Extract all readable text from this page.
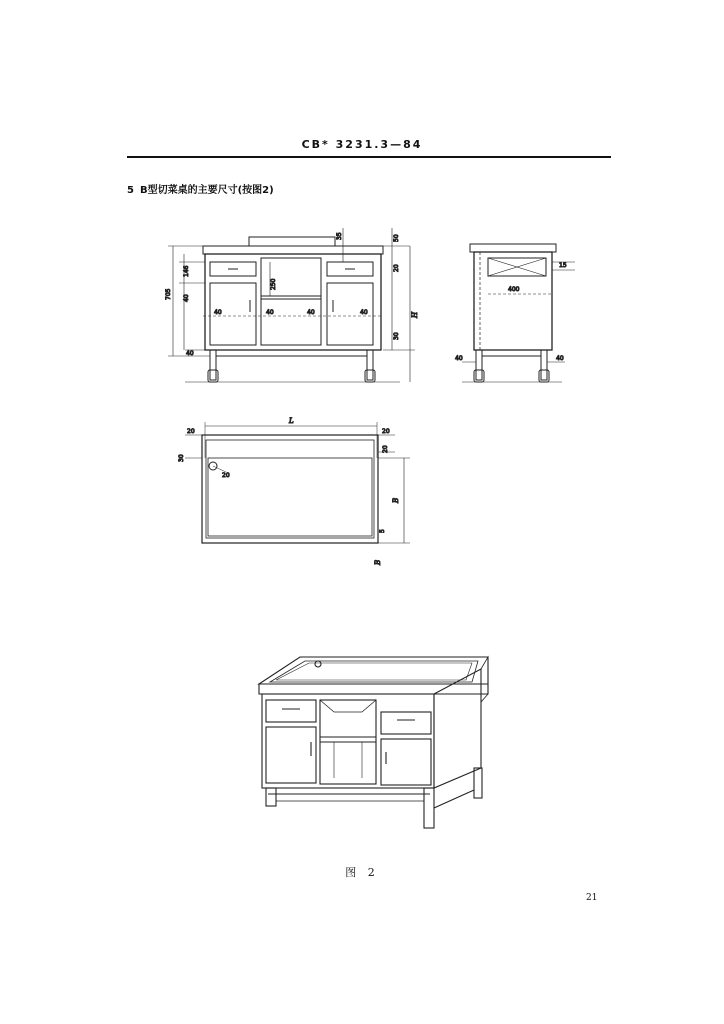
CB* 3231.3—84
5 B型切菜桌的主要尺寸(按图2)
705
146
40
250
35	50
20
40	40	40	40	H
30
40
15
400
40	40
L
20	20
30
20
20
B
5
B
图 2
21
